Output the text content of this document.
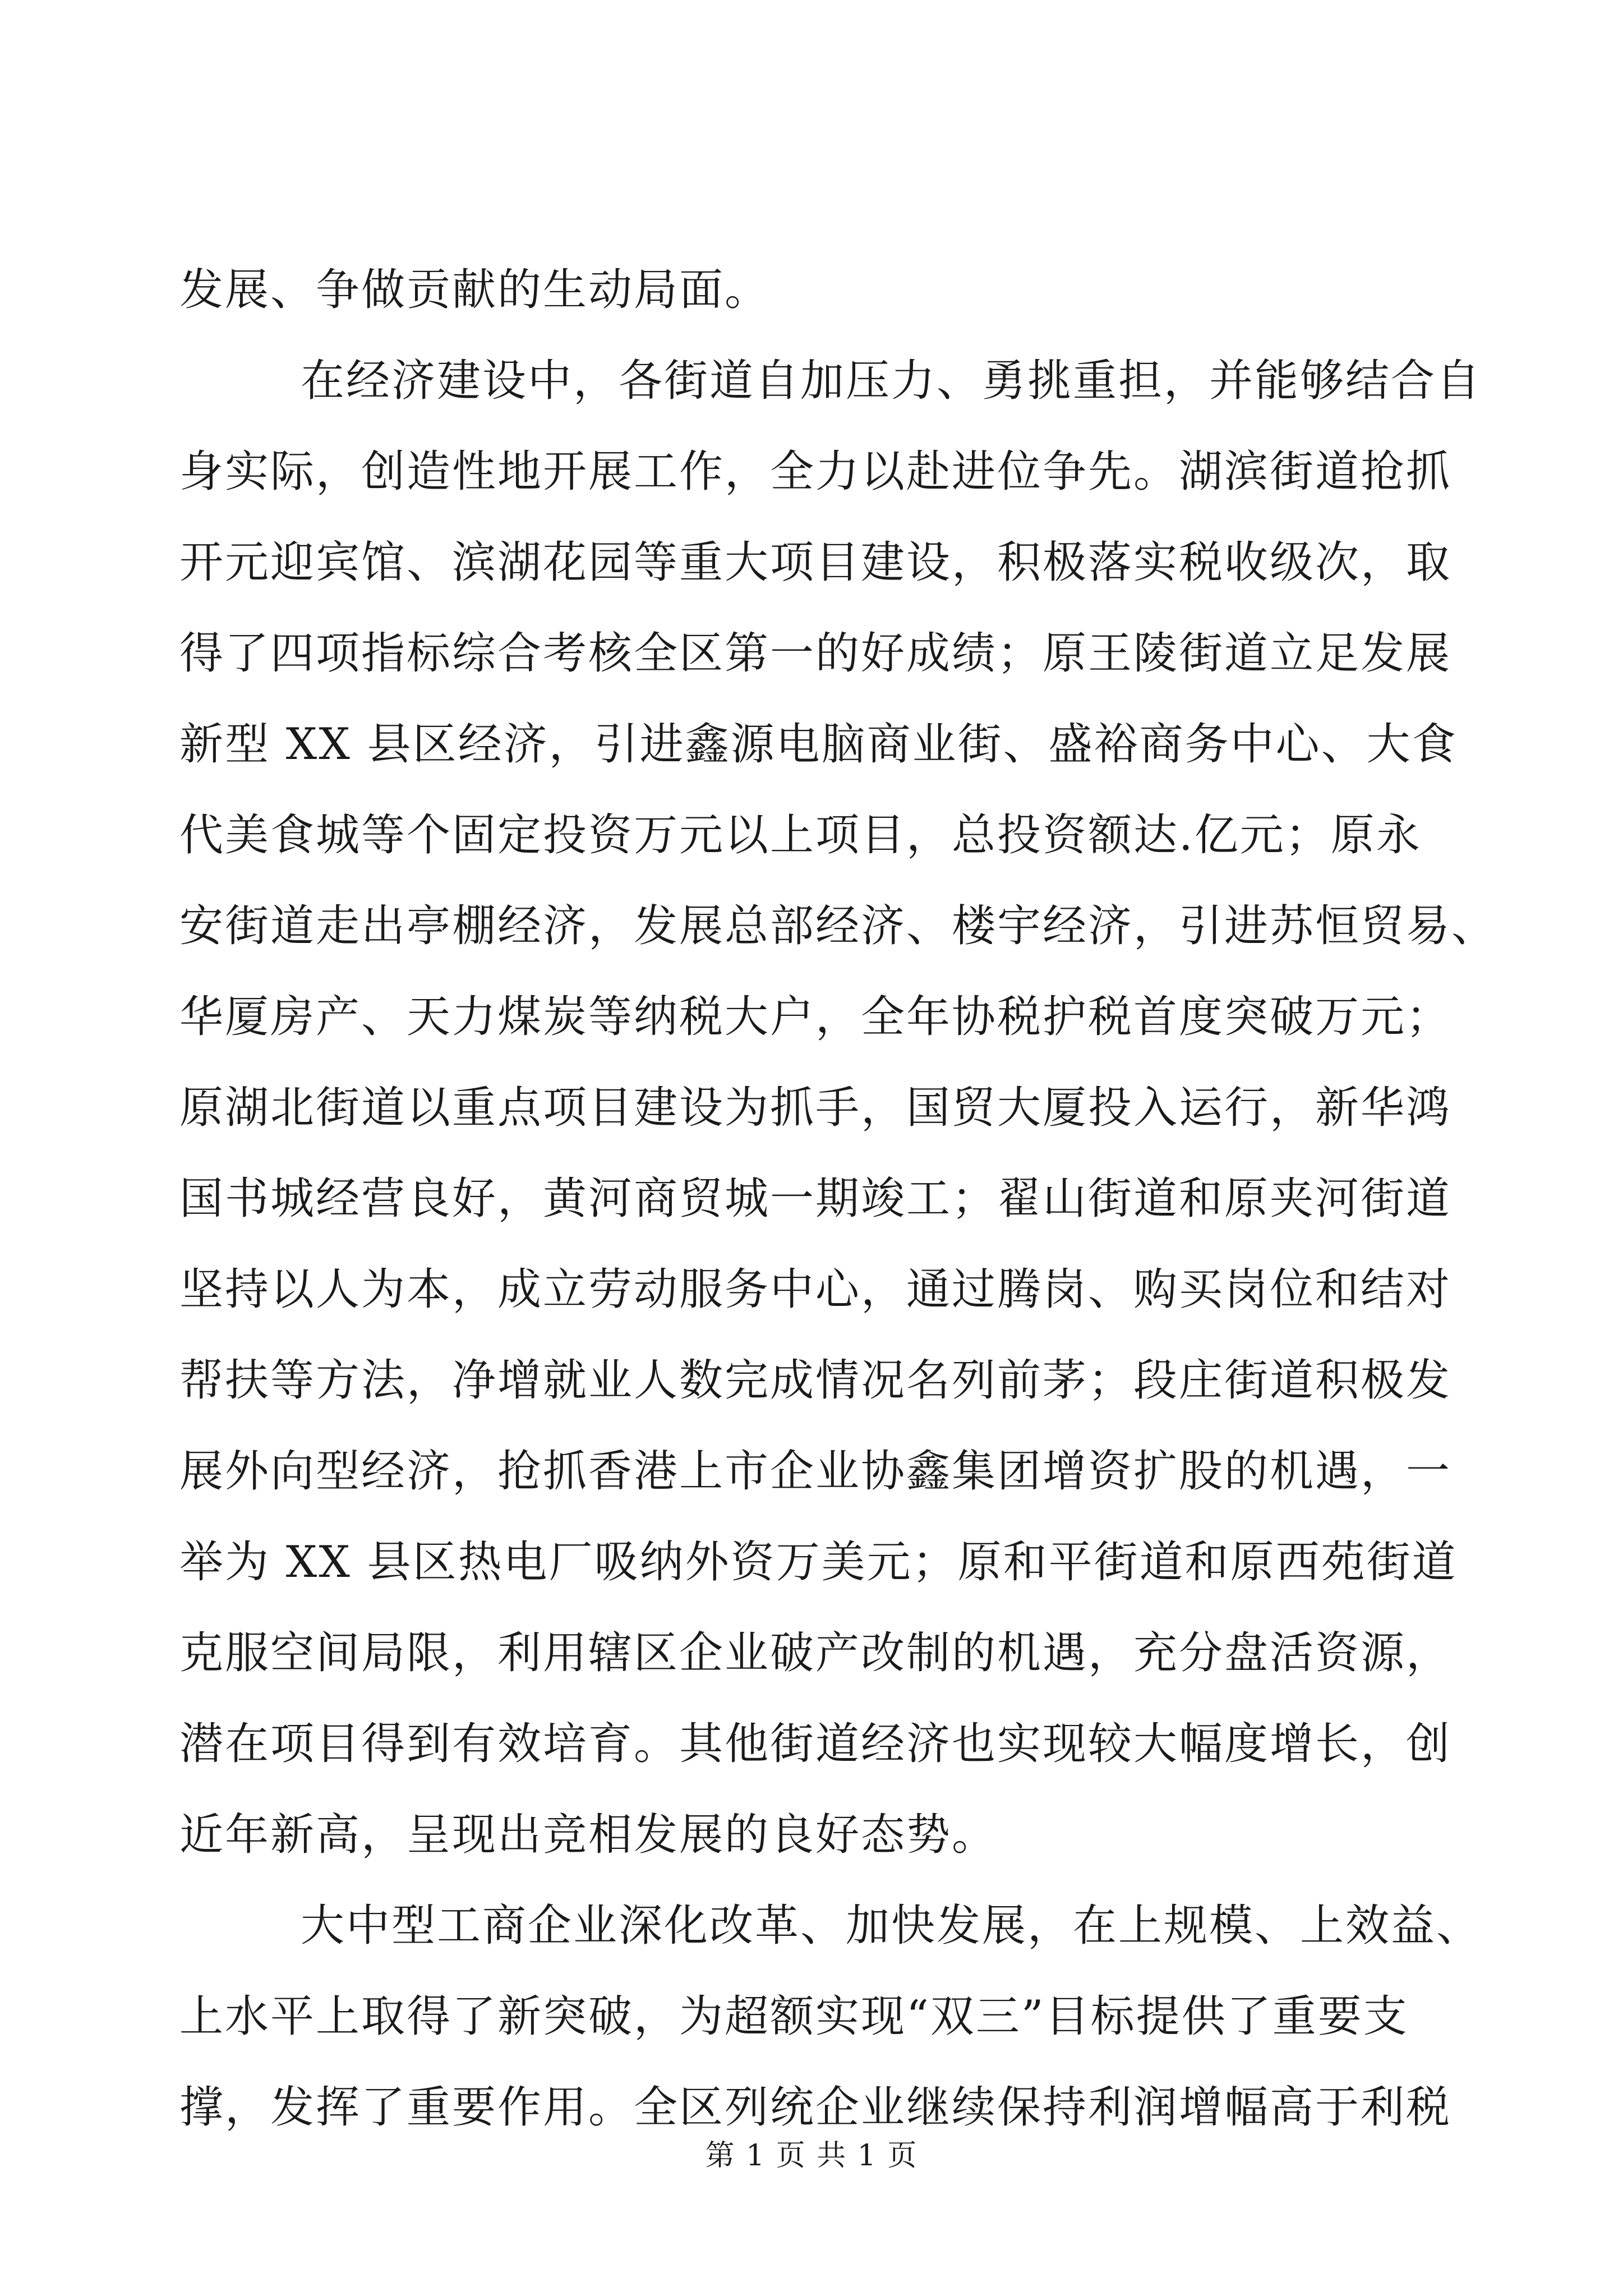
发展、争做贡献的生动局面。
在经济建设中，各街道自加压力、勇挑重担，并能够结合自
身实际，创造性地开展工作，全力以赴进位争先。湖滨街道抢抓
开元迎宾馆、滨湖花园等重大项目建设，积极落实税收级次，取
得了四项指标综合考核全区第一的好成绩；原王陵街道立足发展
新型 XX 县区经济，引进鑫源电脑商业街、盛裕商务中心、大食
代美食城等个固定投资万元以上项目，总投资额达.亿元；原永
安街道走出亭棚经济，发展总部经济、楼宇经济，引进苏恒贸易、
华厦房产、天力煤炭等纳税大户，全年协税护税首度突破万元；
原湖北街道以重点项目建设为抓手，国贸大厦投入运行，新华鸿
国书城经营良好，黄河商贸城一期竣工；翟山街道和原夹河街道
坚持以人为本，成立劳动服务中心，通过腾岗、购买岗位和结对
帮扶等方法，净增就业人数完成情况名列前茅；段庄街道积极发
展外向型经济，抢抓香港上市企业协鑫集团增资扩股的机遇，一
举为 XX 县区热电厂吸纳外资万美元；原和平街道和原西苑街道
克服空间局限，利用辖区企业破产改制的机遇，充分盘活资源，
潜在项目得到有效培育。其他街道经济也实现较大幅度增长，创
近年新高，呈现出竞相发展的良好态势。
大中型工商企业深化改革、加快发展，在上规模、上效益、
上水平上取得了新突破，为超额实现“双三”目标提供了重要支
撑，发挥了重要作用。全区列统企业继续保持利润增幅高于利税
第 1 页 共 1 页
